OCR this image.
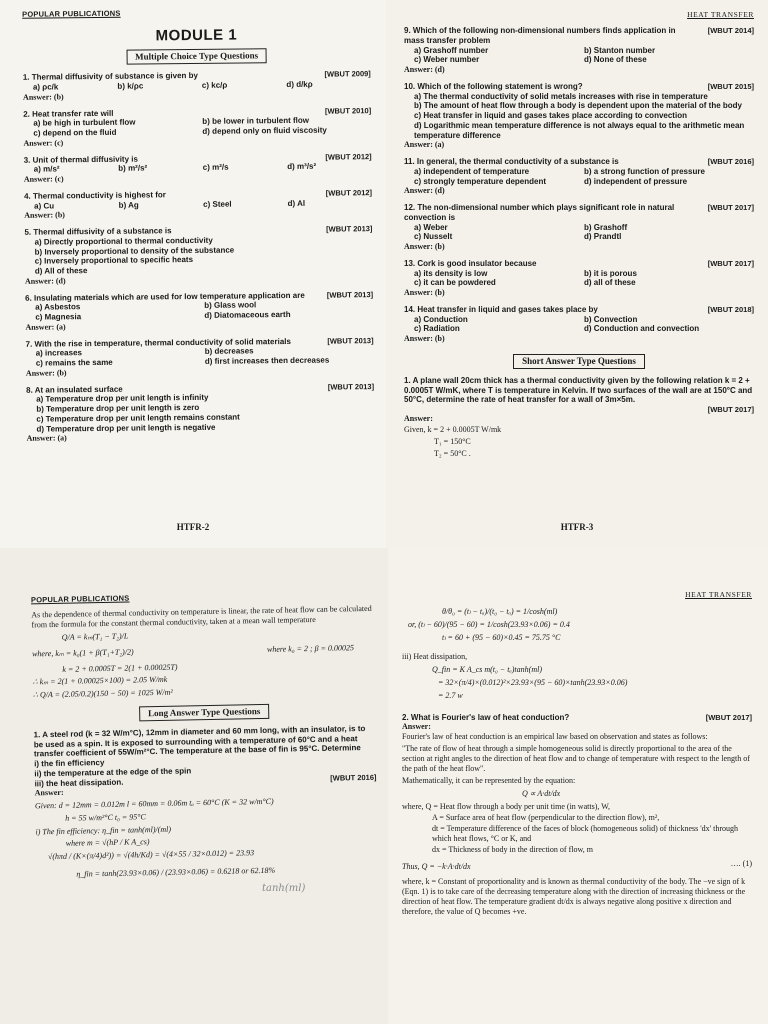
POPULAR PUBLICATIONS
MODULE 1
Multiple Choice Type Questions
1. Thermal diffusivity of substance is given by	[WBUT 2009]
a) ρc/k	b) k/ρc	c) kc/ρ	d) d/kρ
Answer: (b)
2. Heat transfer rate will	[WBUT 2010]
a) be high in turbulent flow	b) be lower in turbulent flow
c) depend on the fluid	d) depend only on fluid viscosity
Answer: (c)
3. Unit of thermal diffusivity is	[WBUT 2012]
a) m/s²	b) m²/s²	c) m²/s	d) m³/s²
Answer: (c)
4. Thermal conductivity is highest for	[WBUT 2012]
a) Cu	b) Ag	c) Steel	d) Al
Answer: (b)
5. Thermal diffusivity of a substance is	[WBUT 2013]
a) Directly proportional to thermal conductivity
b) Inversely proportional to density of the substance
c) Inversely proportional to specific heats
d) All of these
Answer: (d)
6. Insulating materials which are used for low temperature application are	[WBUT 2013]
a) Asbestos	b) Glass wool
c) Magnesia	d) Diatomaceous earth
Answer: (a)
7. With the rise in temperature, thermal conductivity of solid materials	[WBUT 2013]
a) increases	b) decreases
c) remains the same	d) first increases then decreases
Answer: (b)
8. At an insulated surface	[WBUT 2013]
a) Temperature drop per unit length is infinity
b) Temperature drop per unit length is zero
c) Temperature drop per unit length remains constant
d) Temperature drop per unit length is negative
Answer: (a)
HTFR-2
HEAT TRANSFER
9. Which of the following non-dimensional numbers finds application in mass transfer problem
[WBUT 2014]
a) Grashoff number	b) Stanton number
c) Weber number	d) None of these
Answer: (d)
10. Which of the following statement is wrong?	[WBUT 2015]
a) The thermal conductivity of solid metals increases with rise in temperature
b) The amount of heat flow through a body is dependent upon the material of the body
c) Heat transfer in liquid and gases takes place according to convection
d) Logarithmic mean temperature difference is not always equal to the arithmetic mean temperature difference
Answer: (a)
11. In general, the thermal conductivity of a substance is	[WBUT 2016]
a) independent of temperature	b) a strong function of pressure
c) strongly temperature dependent	d) independent of pressure
Answer: (d)
12. The non-dimensional number which plays significant role in natural convection is
[WBUT 2017]
a) Weber	b) Grashoff
c) Nusselt	d) Prandtl
Answer: (b)
13. Cork is good insulator because	[WBUT 2017]
a) its density is low	b) it is porous
c) it can be powdered	d) all of these
Answer: (b)
14. Heat transfer in liquid and gases takes place by	[WBUT 2018]
a) Conduction	b) Convection
c) Radiation	d) Conduction and convection
Answer: (b)
Short Answer Type Questions
1. A plane wall 20cm thick has a thermal conductivity given by the following relation k = 2 + 0.0005T W/mK, where T is temperature in Kelvin. If two surfaces of the wall are at 150°C and 50°C, determine the rate of heat transfer for a wall of 3m×5m.
[WBUT 2017]
Answer:
Given, k = 2 + 0.0005T W/mk
T₁ = 150°C
T₂ = 50°C .
HTFR-3
POPULAR PUBLICATIONS
As the dependence of thermal conductivity on temperature is linear, the rate of heat flow can be calculated from the formula for the constant thermal conductivity, taken at a mean wall temperature
Q/A = kₘ(T₁ − T₂)/L
where, kₘ = k₀(1 + β(T₁+T₂)/2)	where k₀ = 2 ; β = 0.00025
k = 2 + 0.0005T = 2(1 + 0.00025T)
∴ kₘ = 2(1 + 0.00025×100) = 2.05 W/mk
∴ Q/A = (2.05/0.2)(150 − 50) = 1025 W/m²
Long Answer Type Questions
1. A steel rod (k = 32 W/m°C), 12mm in diameter and 60 mm long, with an insulator, is to be used as a spin. It is exposed to surrounding with a temperature of 60°C and a heat transfer coefficient of 55W/m²°C. The temperature at the base of fin is 95°C. Determine
i) the fin efficiency
ii) the temperature at the edge of the spin
iii) the heat dissipation.	[WBUT 2016]
Answer:
Given: d = 12mm = 0.012m l = 60mm = 0.06m tₐ = 60°C (K = 32 w/m°C)
h = 55 w/m²°C t₀ = 95°C
i) The fin efficiency: η_fin = tanh(ml)/(ml)
where m = √(hP / K A_cs)
√(hπd / (K×(π/4)d²)) = √(4h/Kd) = √(4×55 / 32×0.012) = 23.93
η_fin = tanh(23.93×0.06) / (23.93×0.06) = 0.6218 or 62.18%
tanh(ml)
HEAT TRANSFER
θ/θ₀ = (tₗ − tₐ)/(t₀ − tₐ) = 1/cosh(ml)
or, (tₗ − 60)/(95 − 60) = 1/cosh(23.93×0.06) = 0.4
tₗ = 60 + (95 − 60)×0.45 = 75.75 °C
iii) Heat dissipation,
Q_fin = K A_cs m(t₀ − tₐ)tanh(ml)
= 32×(π/4)×(0.012)²×23.93×(95 − 60)×tanh(23.93×0.06)
= 2.7 w
2. What is Fourier's law of heat conduction?	[WBUT 2017]
Answer:
Fourier's law of heat conduction is an empirical law based on observation and states as follows:
"The rate of flow of heat through a simple homogeneous solid is directly proportional to the area of the section at right angles to the direction of heat flow and to change of temperature with respect to the length of the path of the heat flow".
Mathematically, it can be represented by the equation:
Q ∝ A·dt/dx
where, Q = Heat flow through a body per unit time (in watts), W,
A = Surface area of heat flow (perpendicular to the direction flow), m²,
dt = Temperature difference of the faces of block (homogeneous solid) of thickness 'dx' through which heat flows, °C or K, and
dx = Thickness of body in the direction of flow, m
Thus, Q = −k·A·dt/dx	…. (1)
where, k = Constant of proportionality and is known as thermal conductivity of the body. The −ve sign of k (Eqn. 1) is to take care of the decreasing temperature along with the direction of increasing thickness or the direction of heat flow. The temperature gradient dt/dx is always negative along positive x direction and therefore, the value of Q becomes +ve.
